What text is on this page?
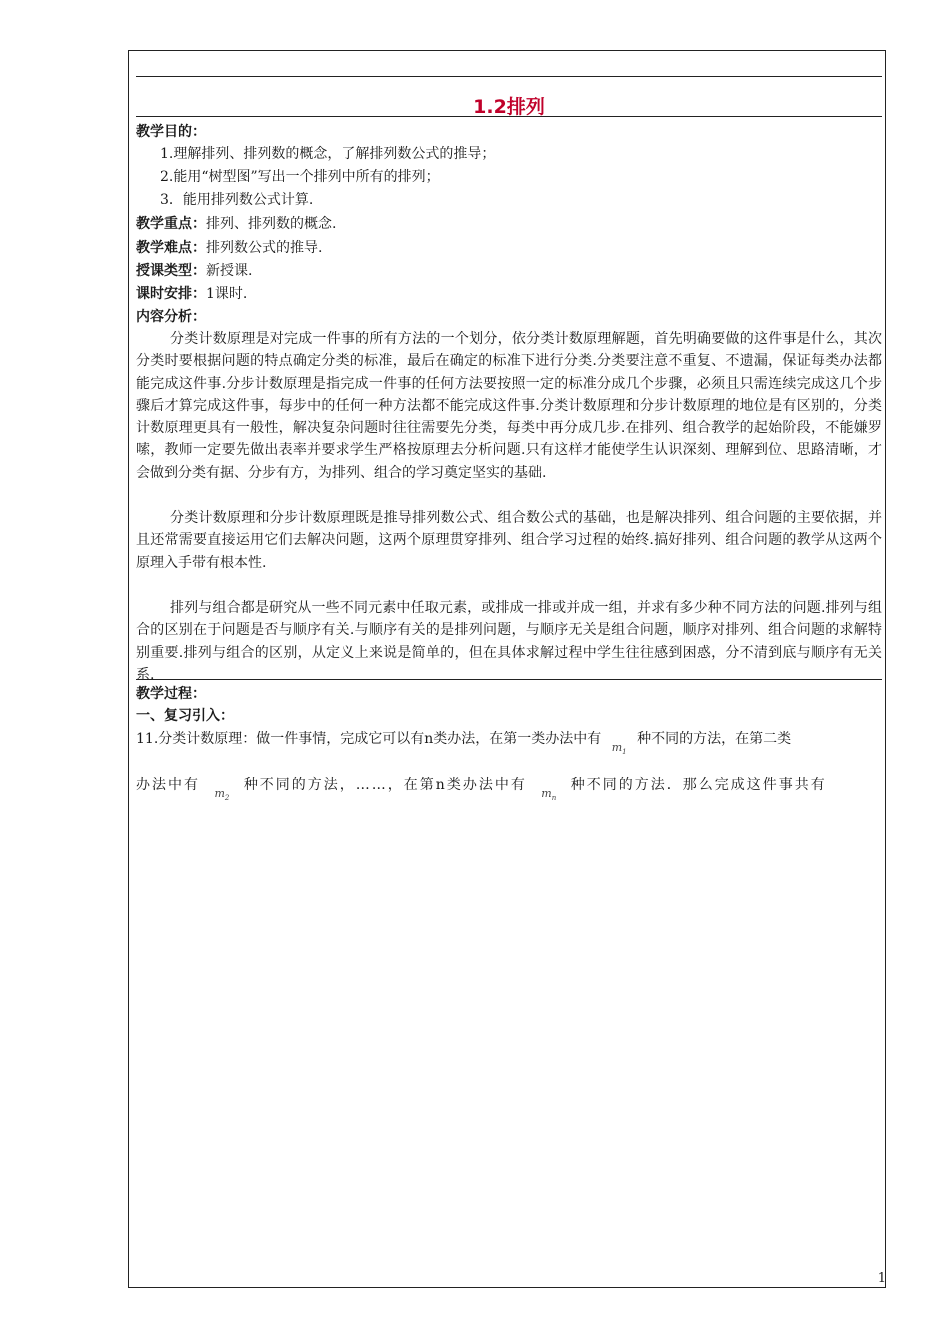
1.2排列
教学目的：
1.理解排列、排列数的概念，了解排列数公式的推导；
2.能用“树型图”写出一个排列中所有的排列；
3．能用排列数公式计算.
教学重点：排列、排列数的概念.
教学难点：排列数公式的推导.
授课类型：新授课.
课时安排：1课时.
内容分析：
分类计数原理是对完成一件事的所有方法的一个划分，依分类计数原理解题，首先明确要做的这件事是什么，其次分类时要根据问题的特点确定分类的标准，最后在确定的标准下进行分类.分类要注意不重复、不遗漏，保证每类办法都能完成这件事.分步计数原理是指完成一件事的任何方法要按照一定的标准分成几个步骤，必须且只需连续完成这几个步骤后才算完成这件事，每步中的任何一种方法都不能完成这件事.分类计数原理和分步计数原理的地位是有区别的，分类计数原理更具有一般性，解决复杂问题时往往需要先分类，每类中再分成几步.在排列、组合教学的起始阶段，不能嫌罗嗦，教师一定要先做出表率并要求学生严格按原理去分析问题.只有这样才能使学生认识深刻、理解到位、思路清晰，才会做到分类有据、分步有方，为排列、组合的学习奠定坚实的基础.
分类计数原理和分步计数原理既是推导排列数公式、组合数公式的基础，也是解决排列、组合问题的主要依据，并且还常需要直接运用它们去解决问题，这两个原理贯穿排列、组合学习过程的始终.搞好排列、组合问题的教学从这两个原理入手带有根本性.
排列与组合都是研究从一些不同元素中任取元素，或排成一排或并成一组，并求有多少种不同方法的问题.排列与组合的区别在于问题是否与顺序有关.与顺序有关的是排列问题，与顺序无关是组合问题，顺序对排列、组合问题的求解特别重要.排列与组合的区别，从定义上来说是简单的，但在具体求解过程中学生往往感到困惑，分不清到底与顺序有无关系.
教学过程：
一、复习引入：
11.分类计数原理：做一件事情，完成它可以有n类办法，在第一类办法中有 $_{m_1}$ 种不同的方法，在第二类
办法中有 $_{m_2}$ 种不同的方法，……，在第n类办法中有 $_{m_n}$ 种不同的方法．那么完成这件事共有
1
